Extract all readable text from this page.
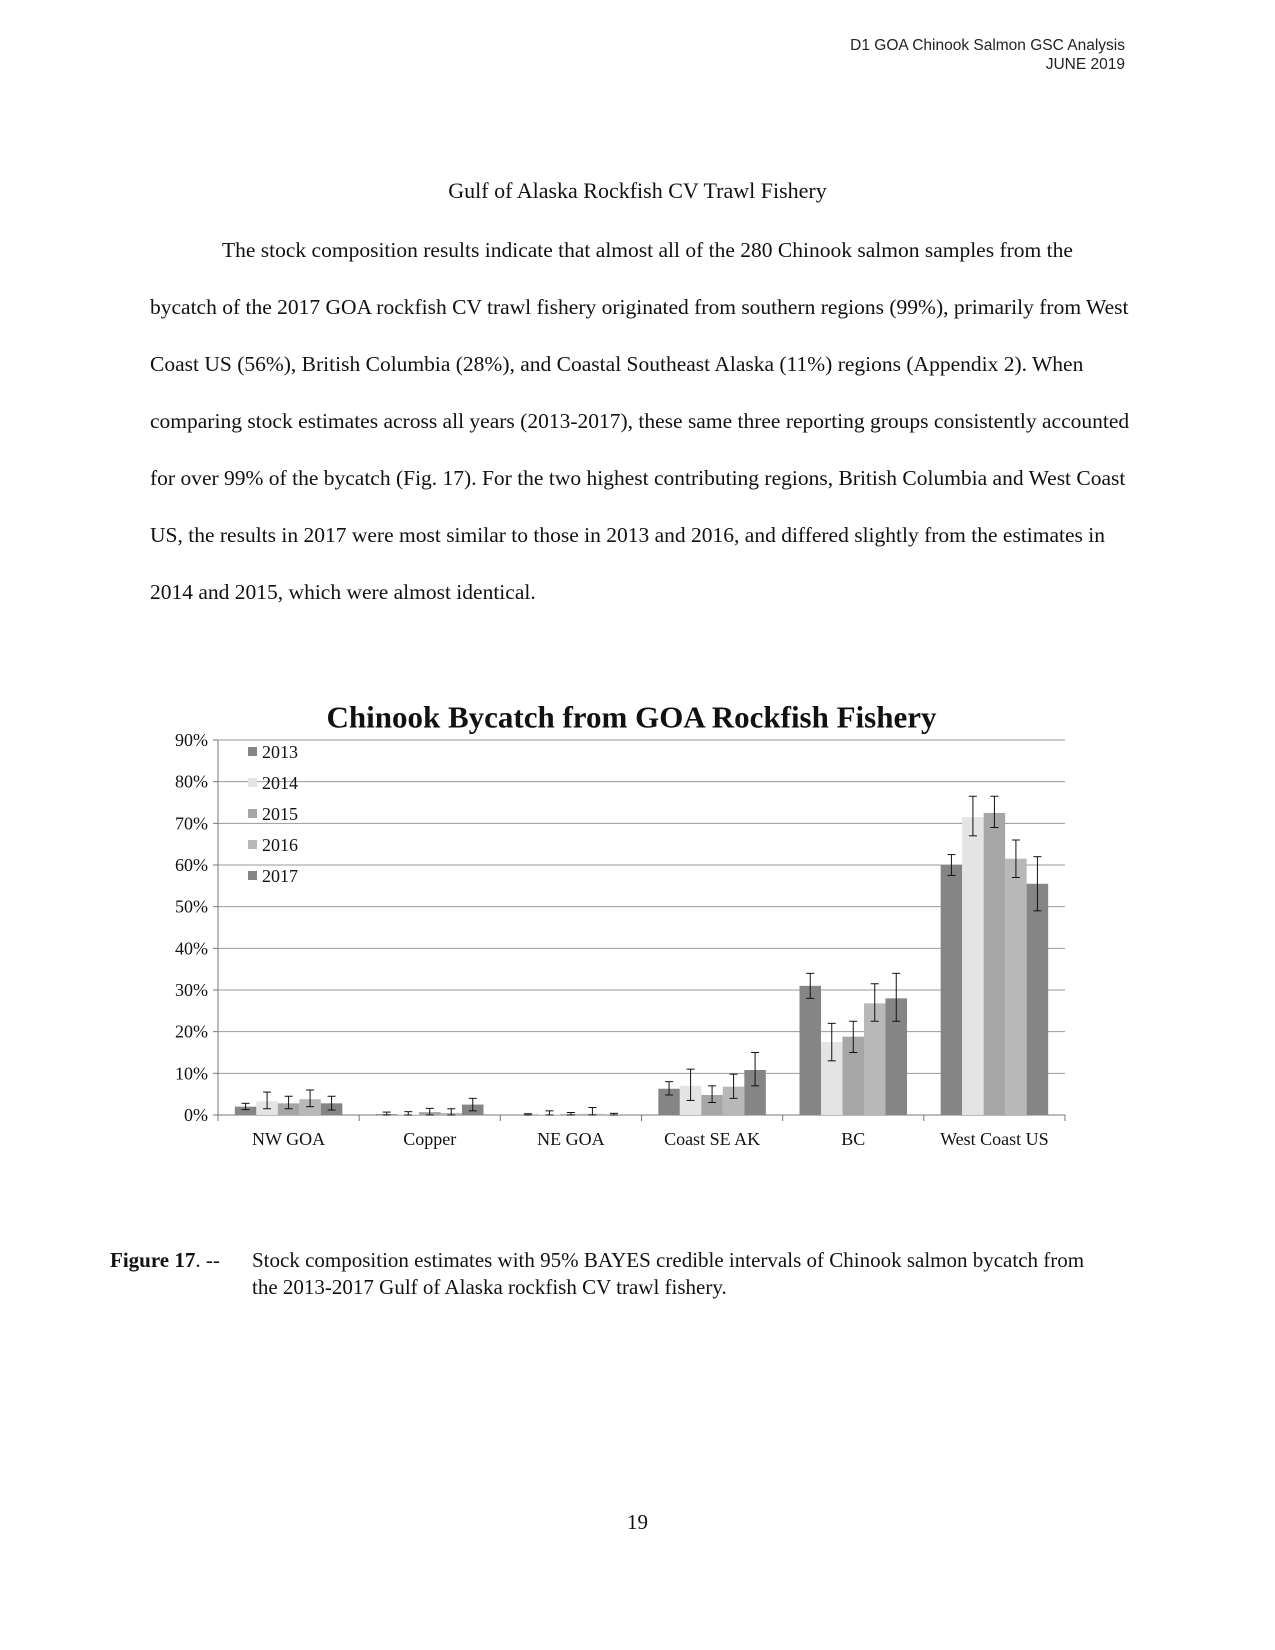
D1 GOA Chinook Salmon GSC Analysis
JUNE 2019
Gulf of Alaska Rockfish CV Trawl Fishery

The stock composition results indicate that almost all of the 280 Chinook salmon samples from the bycatch of the 2017 GOA rockfish CV trawl fishery originated from southern regions (99%), primarily from West Coast US (56%), British Columbia (28%), and Coastal Southeast Alaska (11%) regions (Appendix 2). When comparing stock estimates across all years (2013-2017), these same three reporting groups consistently accounted for over 99% of the bycatch (Fig. 17). For the two highest contributing regions, British Columbia and West Coast US, the results in 2017 were most similar to those in 2013 and 2016, and differed slightly from the estimates in 2014 and 2015, which were almost identical.

Chinook Bycatch from GOA Rockfish Fishery
0%
10%
20%
30%
40%
50%
60%
70%
80%
90%
NW GOA	Copper	NE GOA	Coast SE AK	BC	West Coast US
2013
2014
2015
2016
2017
Figure 17. -- Stock composition estimates with 95% BAYES credible intervals of Chinook salmon bycatch from the 2013-2017 Gulf of Alaska rockfish CV trawl fishery.
19
